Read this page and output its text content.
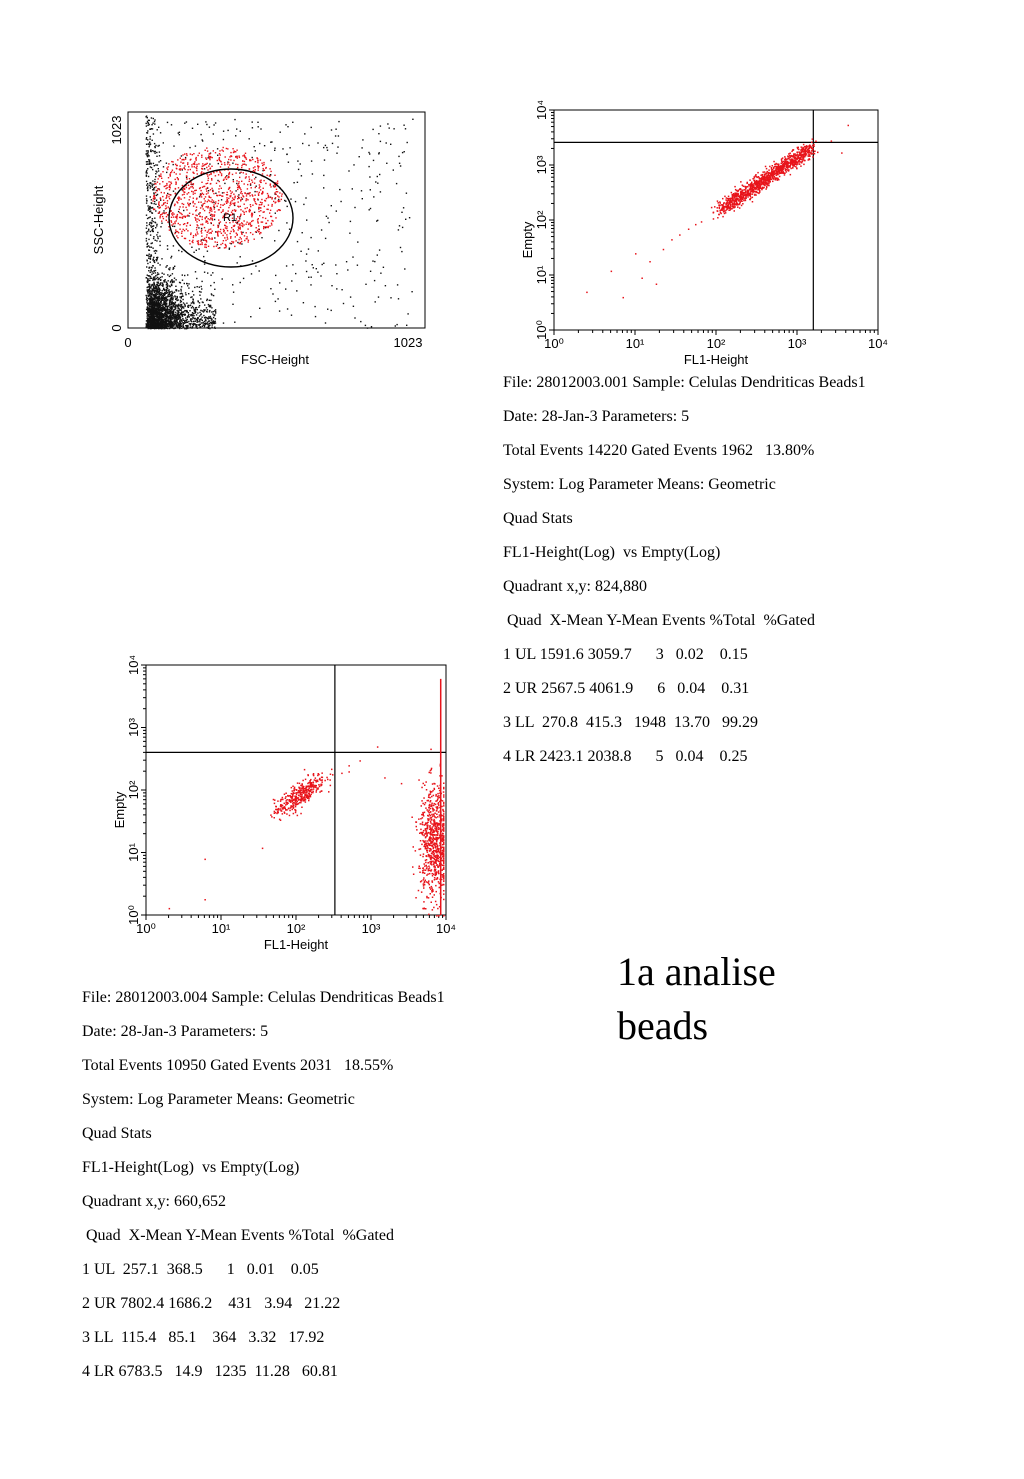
R1
0	1023
FSC-Height
0
1023
SSC-Height
10⁰	10¹	10²	10³	10⁴
10⁰
10¹
10²
10³
10⁴
FL1-Height
Empty
10⁰	10¹	10²	10³	10⁴
10⁰
10¹
10²
10³
10⁴
FL1-Height
Empty
File: 28012003.001 Sample: Celulas Dendriticas Beads1
Date: 28-Jan-3 Parameters: 5
Total Events 14220 Gated Events 1962   13.80%
System: Log Parameter Means: Geometric
Quad Stats
FL1-Height(Log)  vs Empty(Log)
Quadrant x,y: 824,880
Quad  X-Mean Y-Mean Events %Total  %Gated
1 UL 1591.6 3059.7      3   0.02    0.15
2 UR 2567.5 4061.9      6   0.04    0.31
3 LL  270.8  415.3   1948  13.70   99.29
4 LR 2423.1 2038.8      5   0.04    0.25
File: 28012003.004 Sample: Celulas Dendriticas Beads1
Date: 28-Jan-3 Parameters: 5
Total Events 10950 Gated Events 2031   18.55%
System: Log Parameter Means: Geometric
Quad Stats
FL1-Height(Log)  vs Empty(Log)
Quadrant x,y: 660,652
Quad  X-Mean Y-Mean Events %Total  %Gated
1 UL  257.1  368.5      1   0.01    0.05
2 UR 7802.4 1686.2    431   3.94   21.22
3 LL  115.4   85.1    364   3.32   17.92
4 LR 6783.5   14.9   1235  11.28   60.81
1a analise
beads
